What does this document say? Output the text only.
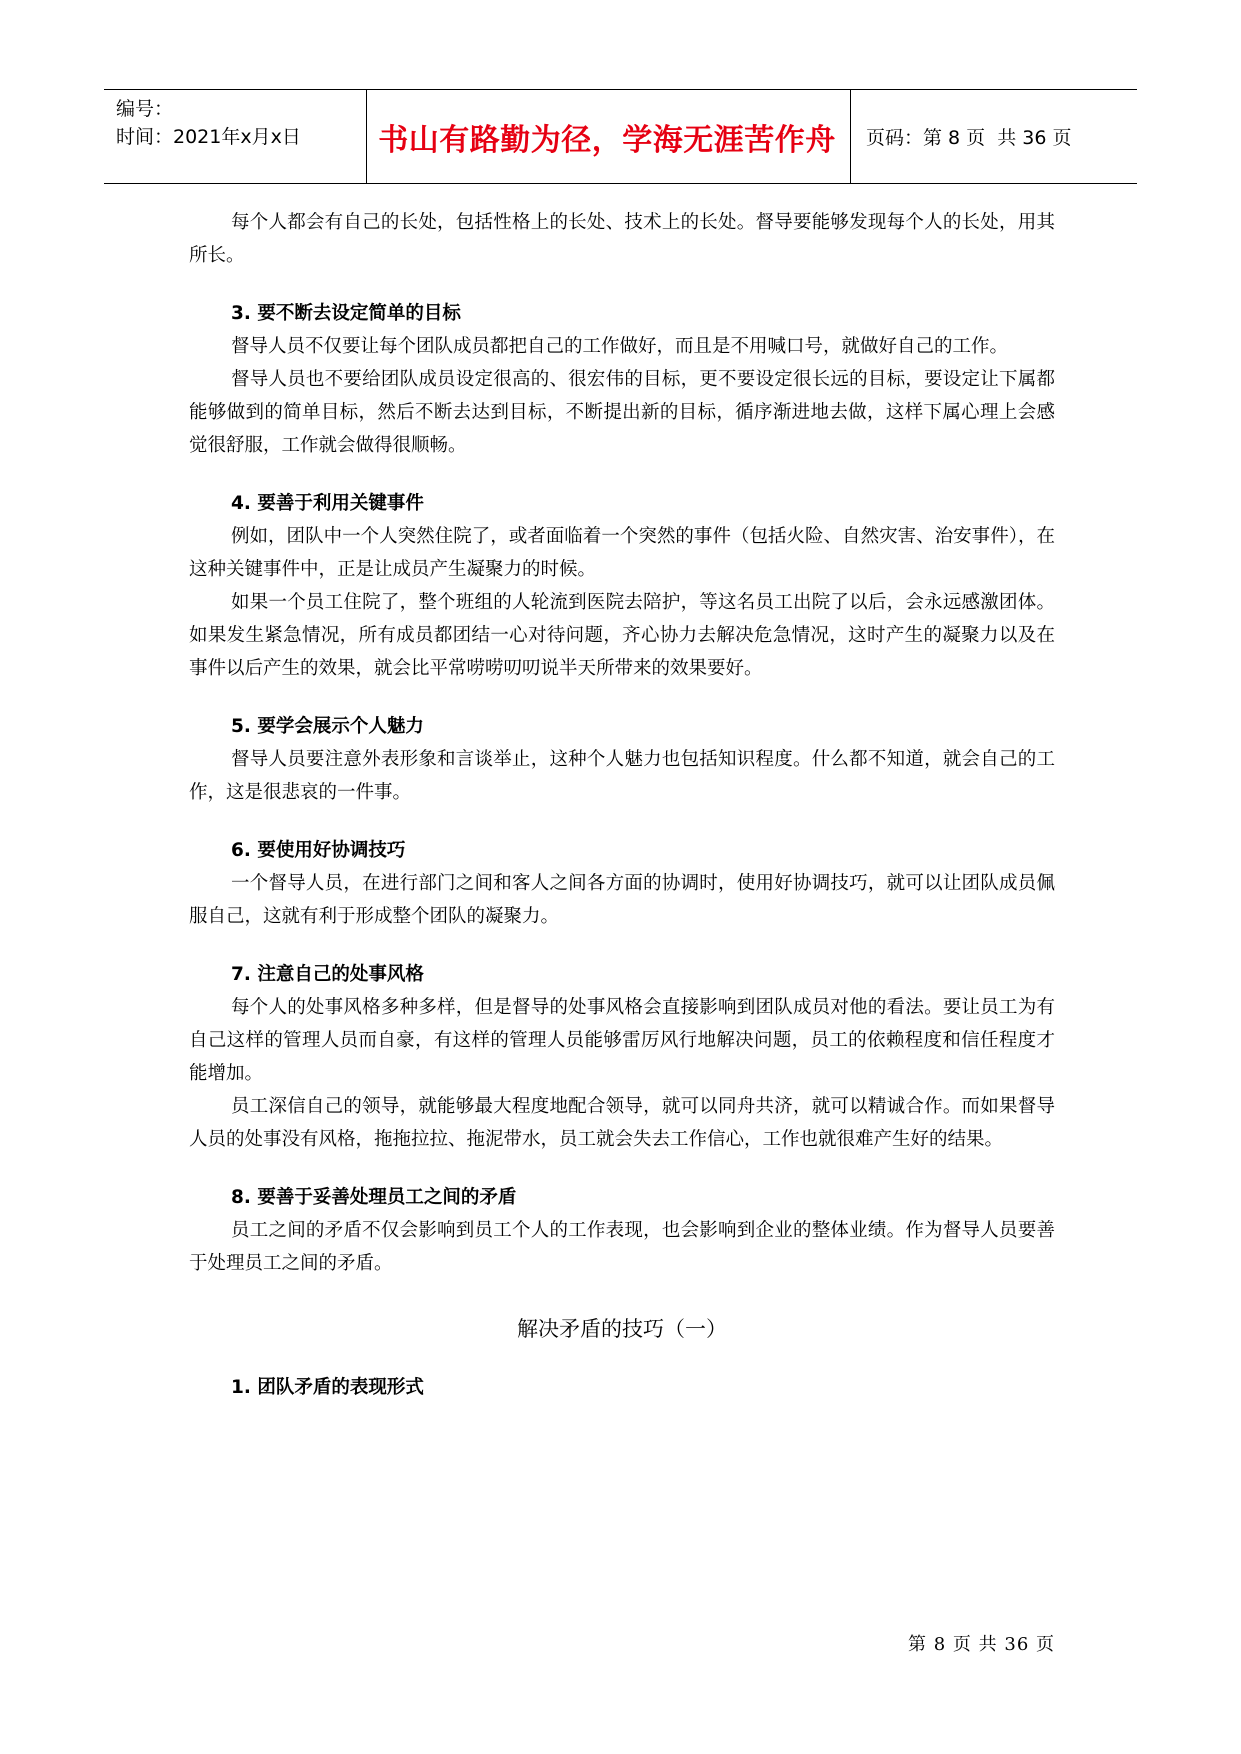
编号：
时间：2021年x月x日	书山有路勤为径，学海无涯苦作舟 页码：第 8 页  共 36 页

每个人都会有自己的长处，包括性格上的长处、技术上的长处。督导要能够发现每个人的长处，用其所长。

3. 要不断去设定简单的目标

督导人员不仅要让每个团队成员都把自己的工作做好，而且是不用喊口号，就做好自己的工作。

督导人员也不要给团队成员设定很高的、很宏伟的目标，更不要设定很长远的目标，要设定让下属都能够做到的简单目标，然后不断去达到目标，不断提出新的目标，循序渐进地去做，这样下属心理上会感觉很舒服，工作就会做得很顺畅。

4. 要善于利用关键事件

例如，团队中一个人突然住院了，或者面临着一个突然的事件（包括火险、自然灾害、治安事件），在这种关键事件中，正是让成员产生凝聚力的时候。

如果一个员工住院了，整个班组的人轮流到医院去陪护，等这名员工出院了以后，会永远感激团体。如果发生紧急情况，所有成员都团结一心对待问题，齐心协力去解决危急情况，这时产生的凝聚力以及在事件以后产生的效果，就会比平常唠唠叨叨说半天所带来的效果要好。

5. 要学会展示个人魅力

督导人员要注意外表形象和言谈举止，这种个人魅力也包括知识程度。什么都不知道，就会自己的工作，这是很悲哀的一件事。

6. 要使用好协调技巧

一个督导人员，在进行部门之间和客人之间各方面的协调时，使用好协调技巧，就可以让团队成员佩服自己，这就有利于形成整个团队的凝聚力。

7. 注意自己的处事风格

每个人的处事风格多种多样，但是督导的处事风格会直接影响到团队成员对他的看法。要让员工为有自己这样的管理人员而自豪，有这样的管理人员能够雷厉风行地解决问题，员工的依赖程度和信任程度才能增加。

员工深信自己的领导，就能够最大程度地配合领导，就可以同舟共济，就可以精诚合作。而如果督导人员的处事没有风格，拖拖拉拉、拖泥带水，员工就会失去工作信心，工作也就很难产生好的结果。

8. 要善于妥善处理员工之间的矛盾

员工之间的矛盾不仅会影响到员工个人的工作表现，也会影响到企业的整体业绩。作为督导人员要善于处理员工之间的矛盾。

解决矛盾的技巧（一）
1. 团队矛盾的表现形式
第 8 页 共 36 页
